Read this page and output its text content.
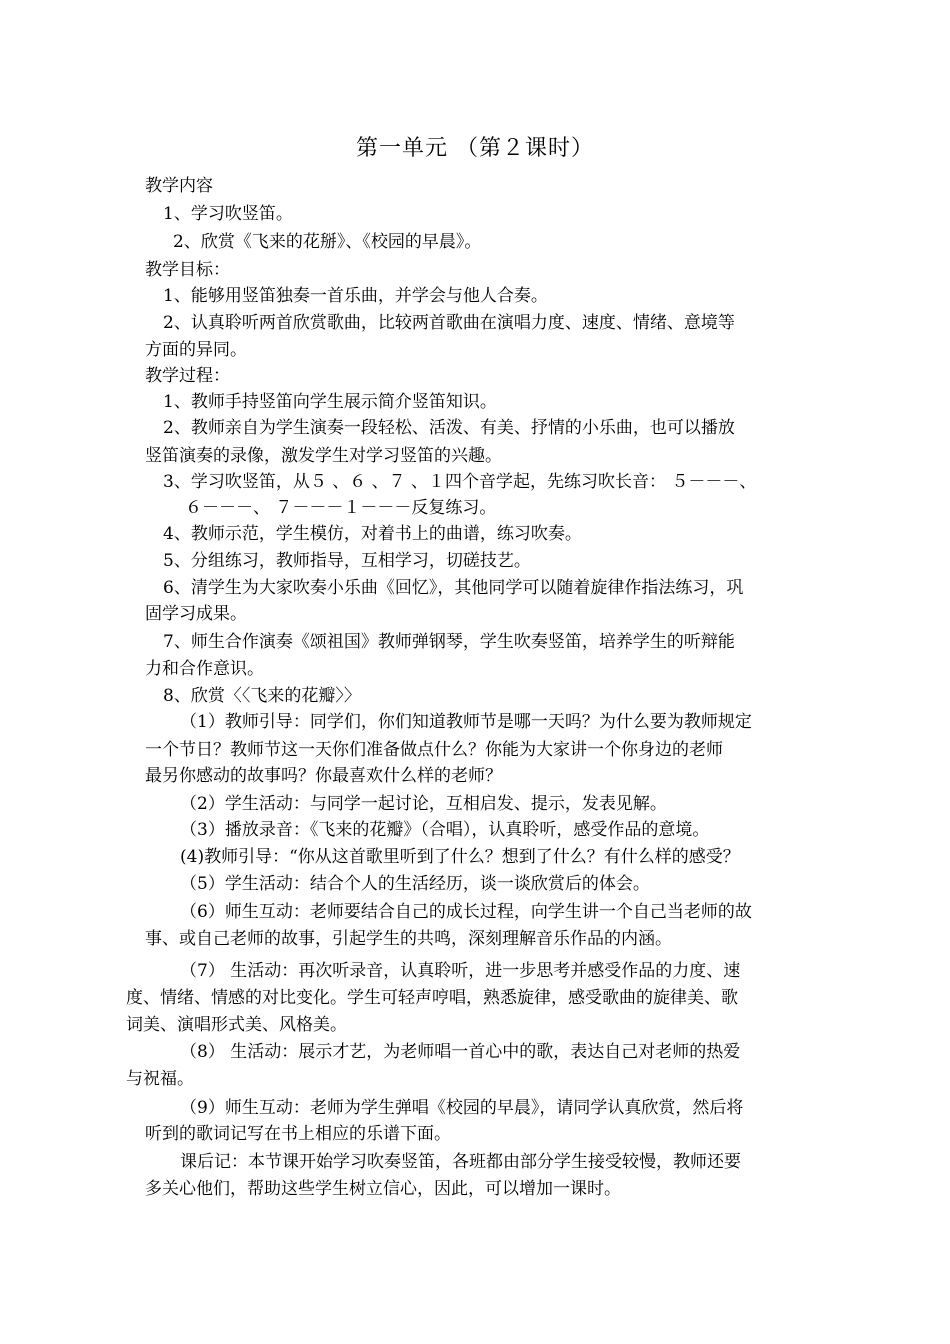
第一单元 （第２课时）
教学内容
1、学习吹竖笛。
2、欣赏《飞来的花掰》、《校园的早晨》。
教学目标：
1、能够用竖笛独奏一首乐曲，并学会与他人合奏。
2、认真聆听两首欣赏歌曲，比较两首歌曲在演唱力度、速度、情绪、意境等
方面的异同。
教学过程：
1、教师手持竖笛向学生展示简介竖笛知识。
2、教师亲自为学生演奏一段轻松、活泼、有美、抒情的小乐曲，也可以播放
竖笛演奏的录像，激发学生对学习竖笛的兴趣。
3、学习吹竖笛，从５ 、６ 、７ 、１四个音学起，先练习吹长音： ５－－－、
６－－－、 ７－－－１－－－反复练习。
4、教师示范，学生模仿，对着书上的曲谱，练习吹奏。
5、分组练习，教师指导，互相学习，切磋技艺。
6、清学生为大家吹奏小乐曲《回忆》，其他同学可以随着旋律作指法练习，巩
固学习成果。
7、师生合作演奏《颂祖国》教师弹钢琴，学生吹奏竖笛，培养学生的听辩能
力和合作意识。
8、欣赏〈〈飞来的花瓣〉〉
（1）教师引导：同学们，你们知道教师节是哪一天吗？为什么要为教师规定
一个节日？教师节这一天你们准备做点什么？你能为大家讲一个你身边的老师
最另你感动的故事吗？你最喜欢什么样的老师？
（2）学生活动：与同学一起讨论，互相启发、提示，发表见解。
（3）播放录音：《飞来的花瓣》（合唱），认真聆听，感受作品的意境。
(4)教师引导：“你从这首歌里听到了什么？想到了什么？有什么样的感受？
（5）学生活动：结合个人的生活经历，谈一谈欣赏后的体会。
（6）师生互动：老师要结合自己的成长过程，向学生讲一个自己当老师的故
事、或自己老师的故事，引起学生的共鸣，深刻理解音乐作品的内涵。
（7） 生活动：再次听录音，认真聆听，进一步思考并感受作品的力度、速
度、情绪、情感的对比变化。学生可轻声哼唱，熟悉旋律，感受歌曲的旋律美、歌
词美、演唱形式美、风格美。
（8） 生活动：展示才艺，为老师唱一首心中的歌，表达自己对老师的热爱
与祝福。
（9）师生互动：老师为学生弹唱《校园的早晨》，请同学认真欣赏，然后将
听到的歌词记写在书上相应的乐谱下面。
课后记：本节课开始学习吹奏竖笛，各班都由部分学生接受较慢，教师还要
多关心他们，帮助这些学生树立信心，因此，可以增加一课时。
